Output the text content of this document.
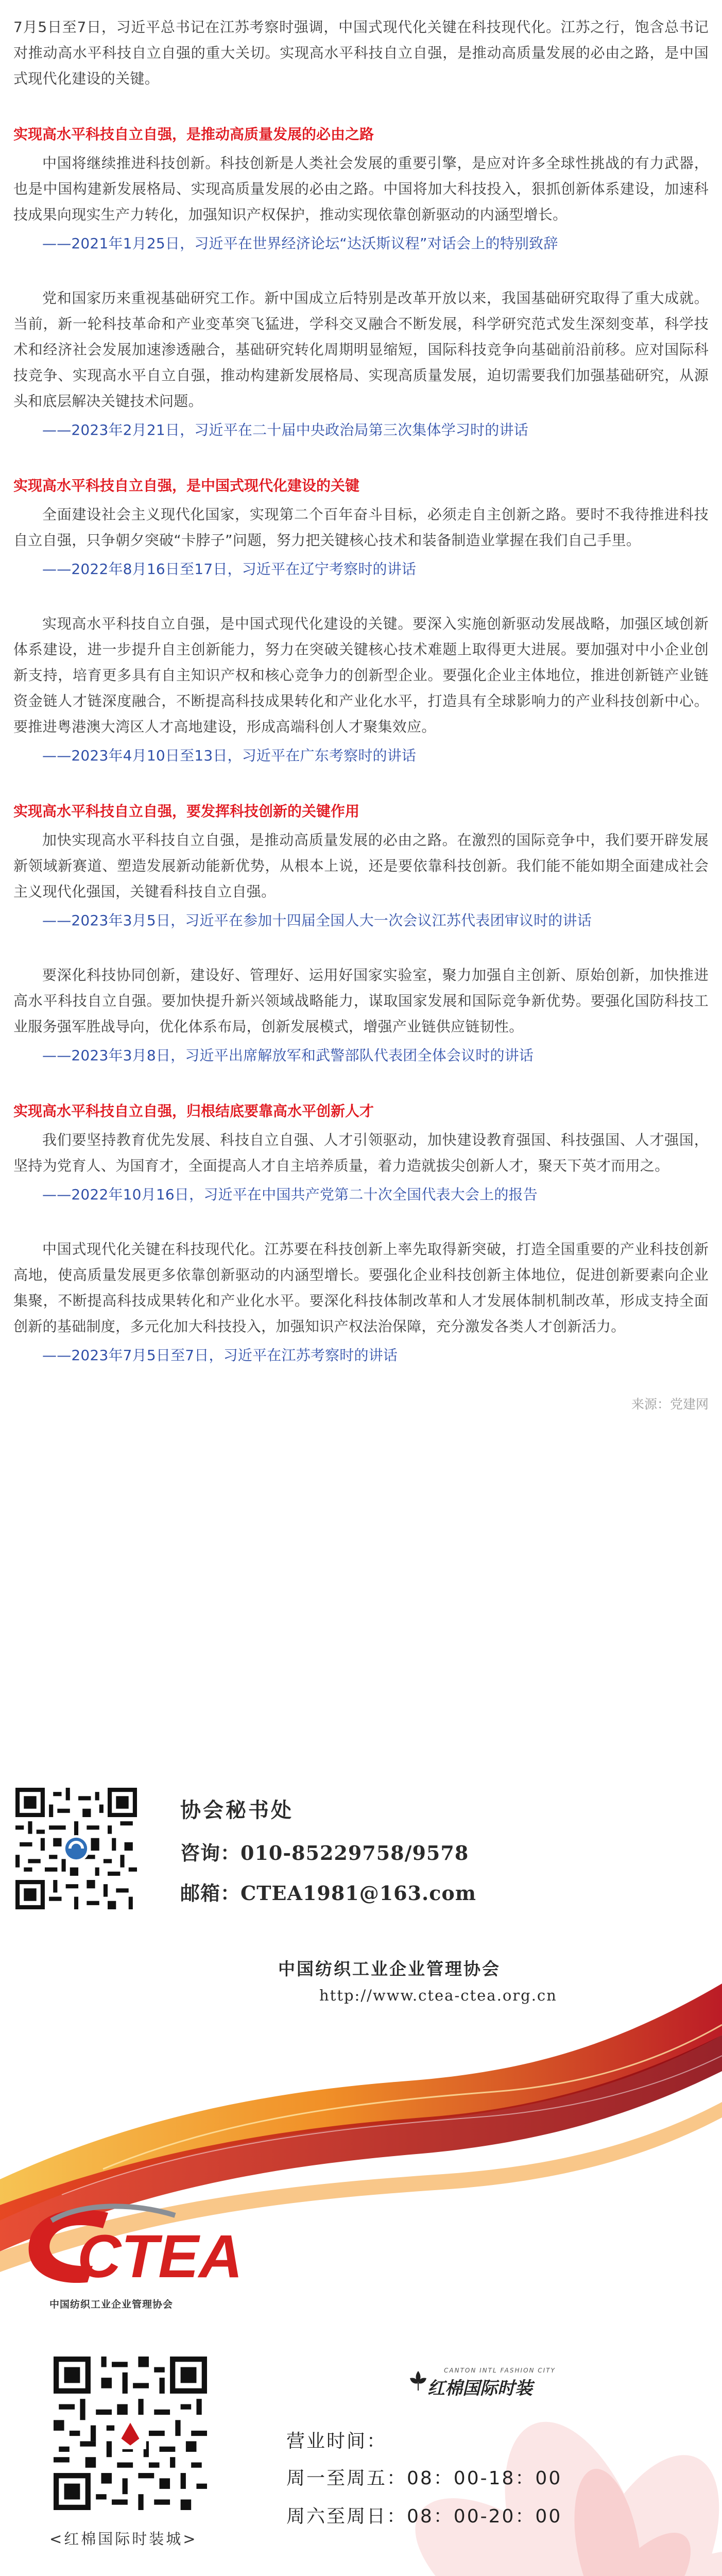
7月5日至7日，习近平总书记在江苏考察时强调，中国式现代化关键在科技现代化。江苏之行，饱含总书记对推动高水平科技自立自强的重大关切。实现高水平科技自立自强，是推动高质量发展的必由之路，是中国式现代化建设的关键。

实现高水平科技自立自强，是推动高质量发展的必由之路

中国将继续推进科技创新。科技创新是人类社会发展的重要引擎，是应对许多全球性挑战的有力武器，也是中国构建新发展格局、实现高质量发展的必由之路。中国将加大科技投入，狠抓创新体系建设，加速科技成果向现实生产力转化，加强知识产权保护，推动实现依靠创新驱动的内涵型增长。

——2021年1月25日，习近平在世界经济论坛“达沃斯议程”对话会上的特别致辞

党和国家历来重视基础研究工作。新中国成立后特别是改革开放以来，我国基础研究取得了重大成就。当前，新一轮科技革命和产业变革突飞猛进，学科交叉融合不断发展，科学研究范式发生深刻变革，科学技术和经济社会发展加速渗透融合，基础研究转化周期明显缩短，国际科技竞争向基础前沿前移。应对国际科技竞争、实现高水平自立自强，推动构建新发展格局、实现高质量发展，迫切需要我们加强基础研究，从源头和底层解决关键技术问题。

——2023年2月21日，习近平在二十届中央政治局第三次集体学习时的讲话

实现高水平科技自立自强，是中国式现代化建设的关键

全面建设社会主义现代化国家，实现第二个百年奋斗目标，必须走自主创新之路。要时不我待推进科技自立自强，只争朝夕突破“卡脖子”问题，努力把关键核心技术和装备制造业掌握在我们自己手里。

——2022年8月16日至17日，习近平在辽宁考察时的讲话

实现高水平科技自立自强，是中国式现代化建设的关键。要深入实施创新驱动发展战略，加强区域创新体系建设，进一步提升自主创新能力，努力在突破关键核心技术难题上取得更大进展。要加强对中小企业创新支持，培育更多具有自主知识产权和核心竞争力的创新型企业。要强化企业主体地位，推进创新链产业链资金链人才链深度融合，不断提高科技成果转化和产业化水平，打造具有全球影响力的产业科技创新中心。要推进粤港澳大湾区人才高地建设，形成高端科创人才聚集效应。

——2023年4月10日至13日，习近平在广东考察时的讲话

实现高水平科技自立自强，要发挥科技创新的关键作用

加快实现高水平科技自立自强，是推动高质量发展的必由之路。在激烈的国际竞争中，我们要开辟发展新领域新赛道、塑造发展新动能新优势，从根本上说，还是要依靠科技创新。我们能不能如期全面建成社会主义现代化强国，关键看科技自立自强。

——2023年3月5日，习近平在参加十四届全国人大一次会议江苏代表团审议时的讲话

要深化科技协同创新，建设好、管理好、运用好国家实验室，聚力加强自主创新、原始创新，加快推进高水平科技自立自强。要加快提升新兴领域战略能力，谋取国家发展和国际竞争新优势。要强化国防科技工业服务强军胜战导向，优化体系布局，创新发展模式，增强产业链供应链韧性。

——2023年3月8日，习近平出席解放军和武警部队代表团全体会议时的讲话

实现高水平科技自立自强，归根结底要靠高水平创新人才

我们要坚持教育优先发展、科技自立自强、人才引领驱动，加快建设教育强国、科技强国、人才强国，坚持为党育人、为国育才，全面提高人才自主培养质量，着力造就拔尖创新人才，聚天下英才而用之。

——2022年10月16日，习近平在中国共产党第二十次全国代表大会上的报告

中国式现代化关键在科技现代化。江苏要在科技创新上率先取得新突破，打造全国重要的产业科技创新高地，使高质量发展更多依靠创新驱动的内涵型增长。要强化企业科技创新主体地位，促进创新要素向企业集聚，不断提高科技成果转化和产业化水平。要深化科技体制改革和人才发展体制机制改革，形成支持全面创新的基础制度，多元化加大科技投入，加强知识产权法治保障，充分激发各类人才创新活力。

——2023年7月5日至7日，习近平在江苏考察时的讲话

来源：党建网

协会秘书处
咨询：010-85229758/9578
邮箱：CTEA1981@163.com
中国纺织工业企业管理协会
http://www.ctea-ctea.org.cn
CTEA
中国纺织工业企业管理协会
<红棉国际时装城>
CANTON INTL FASHION CITY
红棉国际时装
营业时间：
周一至周五：08：00-18：00
周六至周日：08：00-20：00
